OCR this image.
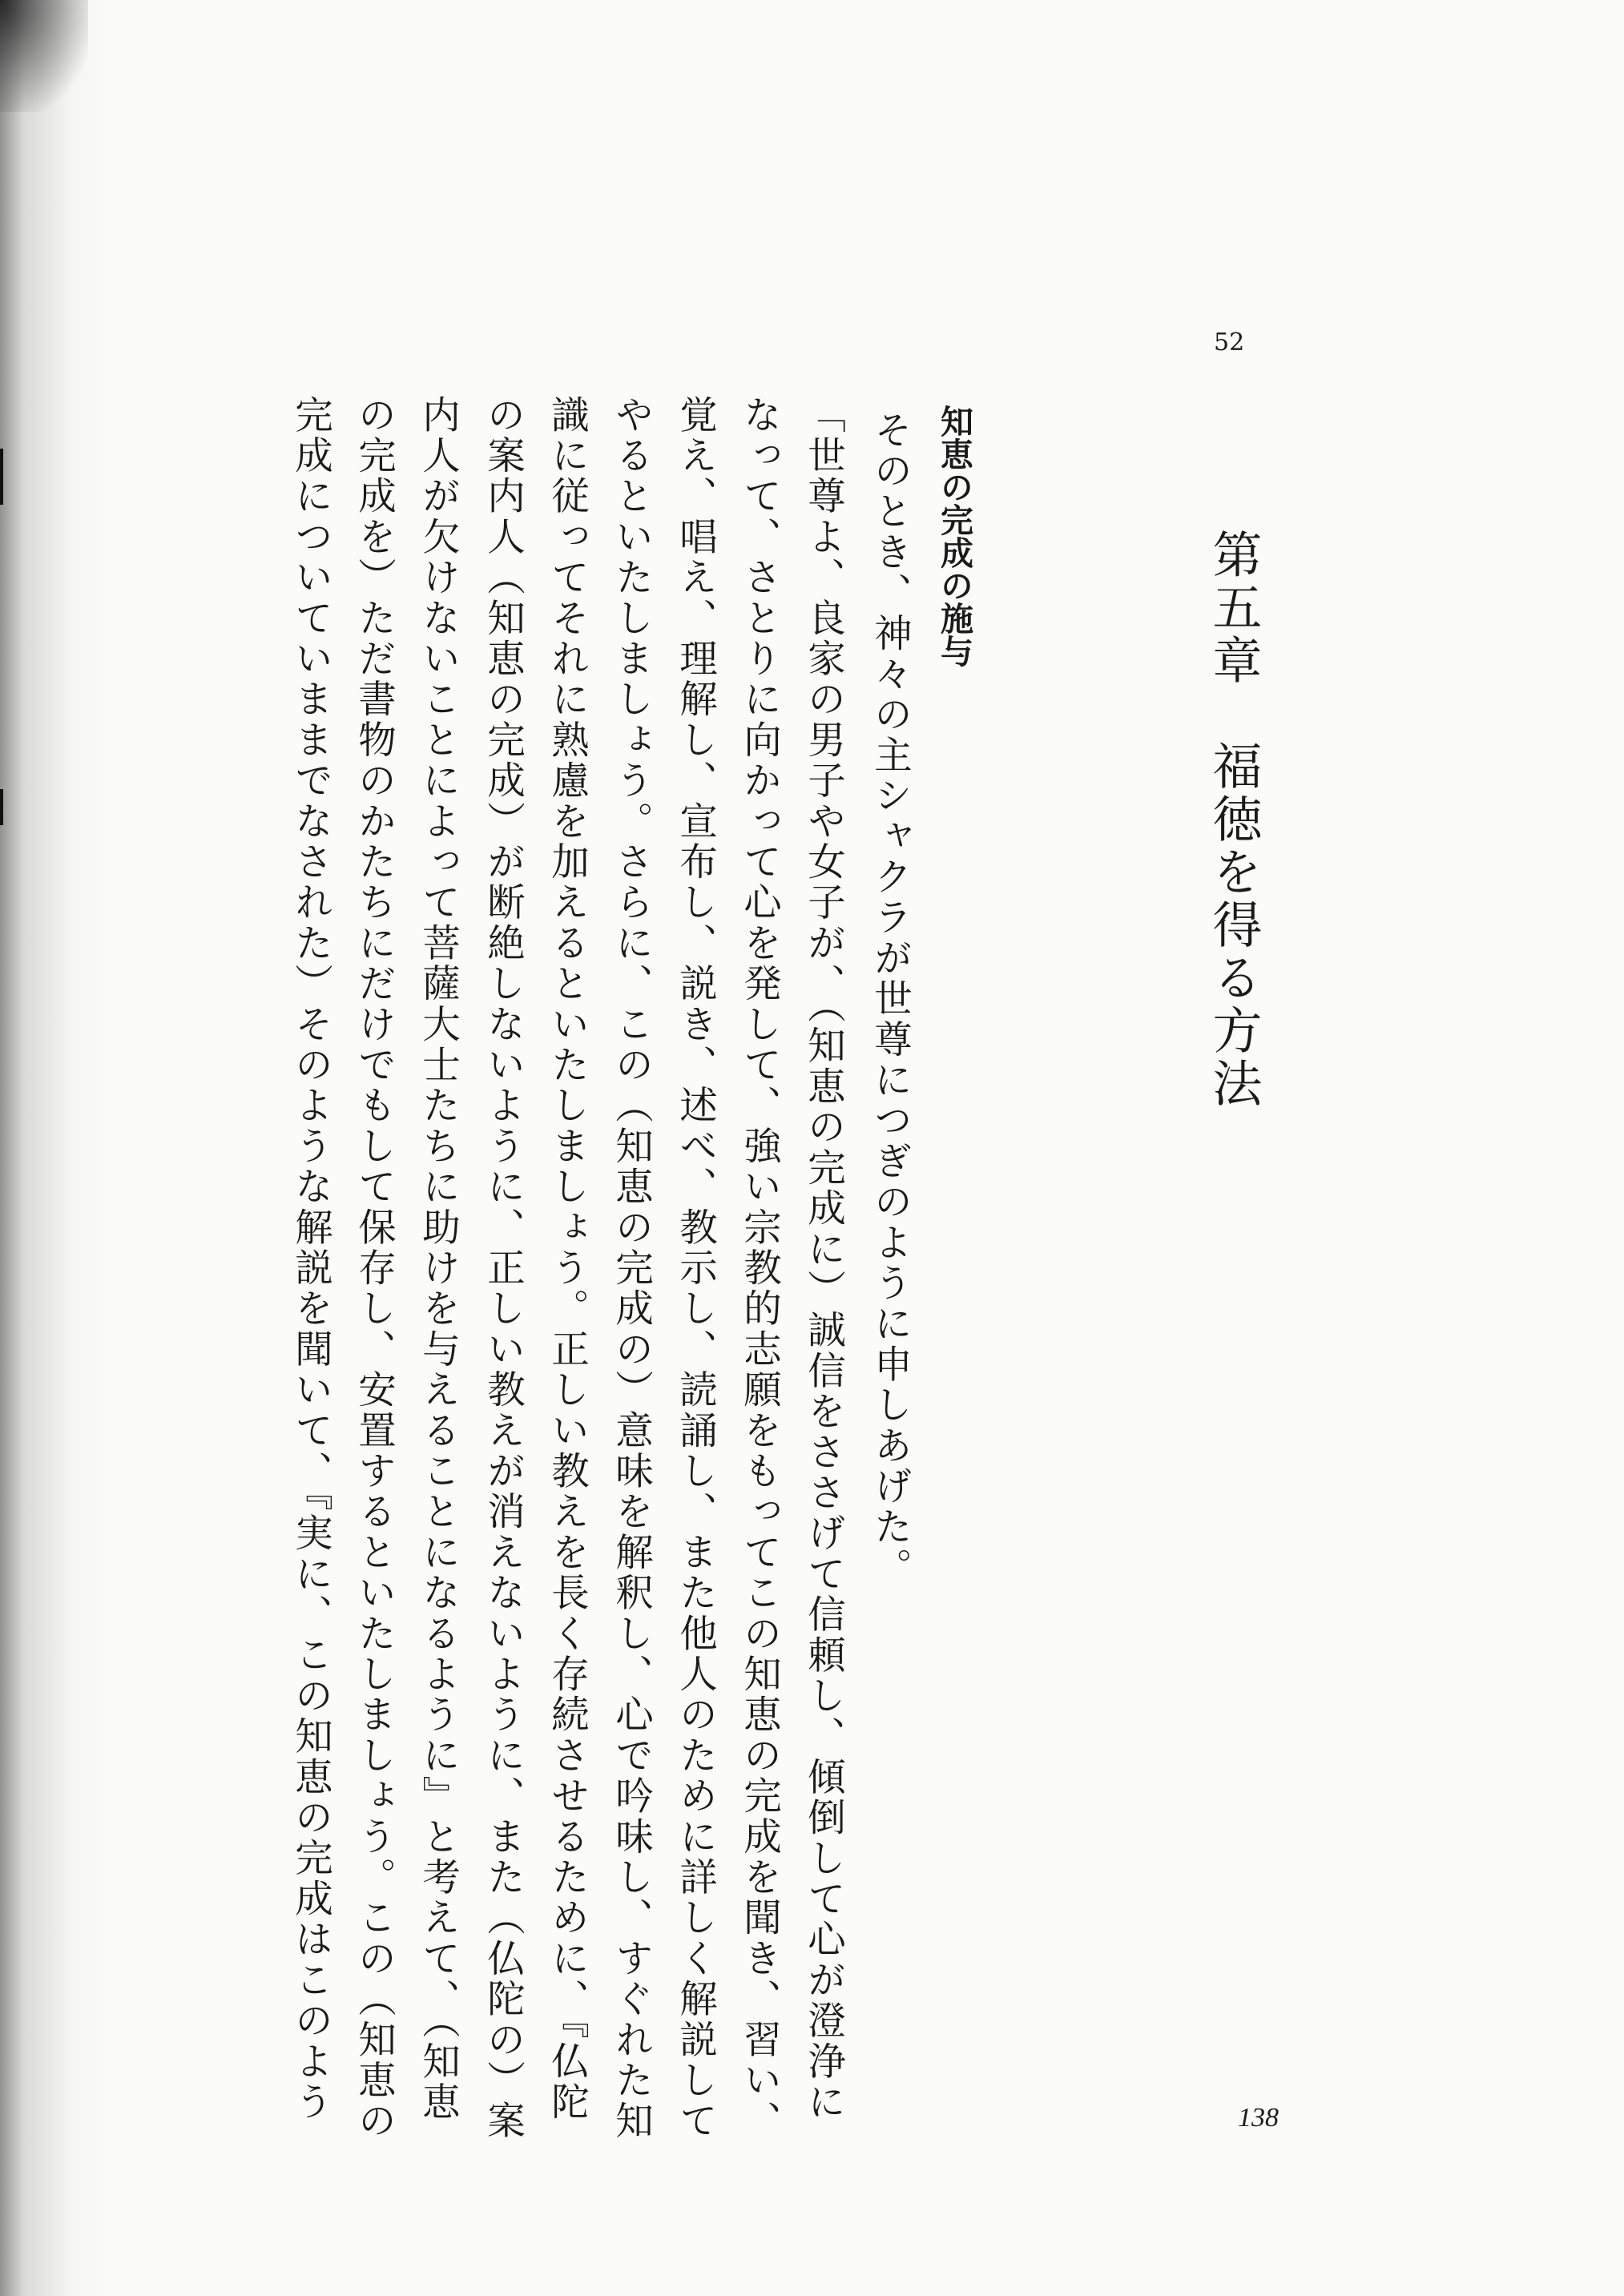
52
第五章　福徳を得る方法
知恵の完成の施与
そのとき、神々の主シャクラが世尊につぎのように申しあげた。
「世尊よ、良家の男子や女子が、（知恵の完成に）誠信をささげて信頼し、傾倒して心が澄浄に
なって、さとりに向かって心を発して、強い宗教的志願をもってこの知恵の完成を聞き、習い、
覚え、唱え、理解し、宣布し、説き、述べ、教示し、読誦し、また他人のために詳しく解説して
やるといたしましょう。さらに、この（知恵の完成の）意味を解釈し、心で吟味し、すぐれた知
識に従ってそれに熟慮を加えるといたしましょう。正しい教えを長く存続させるために、『仏陀
の案内人（知恵の完成）が断絶しないように、正しい教えが消えないように、また（仏陀の）案
内人が欠けないことによって菩薩大士たちに助けを与えることになるように』と考えて、（知恵
の完成を）ただ書物のかたちにだけでもして保存し、安置するといたしましょう。この（知恵の
完成についていままでなされた）そのような解説を聞いて、『実に、この知恵の完成はこのよう	138
